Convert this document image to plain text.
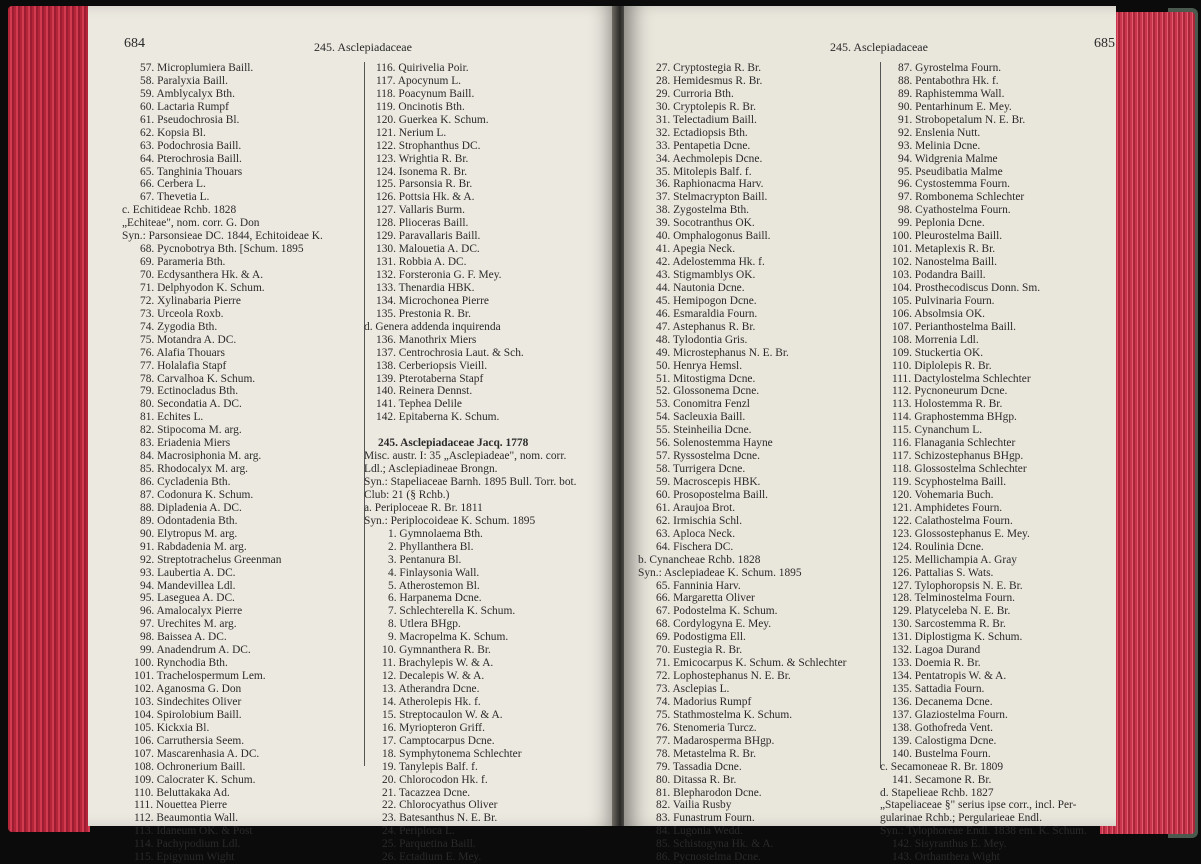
684	245. Asclepiadaceae
57. Microplumiera Baill.
58. Paralyxia Baill.
59. Amblycalyx Bth.
60. Lactaria Rumpf
61. Pseudochrosia Bl.
62. Kopsia Bl.
63. Podochrosia Baill.
64. Pterochrosia Baill.
65. Tanghinia Thouars
66. Cerbera L.
67. Thevetia L.
c. Echitideae Rchb. 1828
„Echiteae", nom. corr. G. Don
Syn.: Parsonsieae DC. 1844, Echitoideae K.
68. Pycnobotrya Bth. [Schum. 1895
69. Parameria Bth.
70. Ecdysanthera Hk. & A.
71. Delphyodon K. Schum.
72. Xylinabaria Pierre
73. Urceola Roxb.
74. Zygodia Bth.
75. Motandra A. DC.
76. Alafia Thouars
77. Holalafia Stapf
78. Carvalhoa K. Schum.
79. Ectinocladus Bth.
80. Secondatia A. DC.
81. Echites L.
82. Stipocoma M. arg.
83. Eriadenia Miers
84. Macrosiphonia M. arg.
85. Rhodocalyx M. arg.
86. Cycladenia Bth.
87. Codonura K. Schum.
88. Dipladenia A. DC.
89. Odontadenia Bth.
90. Elytropus M. arg.
91. Rabdadenia M. arg.
92. Streptotrachelus Greenman
93. Laubertia A. DC.
94. Mandevillea Ldl.
95. Laseguea A. DC.
96. Amalocalyx Pierre
97. Urechites M. arg.
98. Baissea A. DC.
99. Anadendrum A. DC.
100. Rynchodia Bth.
101. Trachelospermum Lem.
102. Aganosma G. Don
103. Sindechites Oliver
104. Spirolobium Baill.
105. Kickxia Bl.
106. Carruthersia Seem.
107. Mascarenhasia A. DC.
108. Ochronerium Baill.
109. Calocrater K. Schum.
110. Beluttakaka Ad.
111. Nouettea Pierre
112. Beaumontia Wall.
113. Idaneum OK. & Post
114. Pachypodium Ldl.
115. Epigynum Wight
116. Quirivelia Poir.
117. Apocynum L.
118. Poacynum Baill.
119. Oncinotis Bth.
120. Guerkea K. Schum.
121. Nerium L.
122. Strophanthus DC.
123. Wrightia R. Br.
124. Isonema R. Br.
125. Parsonsia R. Br.
126. Pottsia Hk. & A.
127. Vallaris Burm.
128. Plioceras Baill.
129. Paravallaris Baill.
130. Malouetia A. DC.
131. Robbia A. DC.
132. Forsteronia G. F. Mey.
133. Thenardia HBK.
134. Microchonea Pierre
135. Prestonia R. Br.
d. Genera addenda inquirenda
136. Manothrix Miers
137. Centrochrosia Laut. & Sch.
138. Cerberiopsis Vieill.
139. Pterotaberna Stapf
140. Reinera Dennst.
141. Tephea Delile
142. Epitaberna K. Schum.
245. Asclepiadaceae Jacq. 1778
Misc. austr. I: 35 „Asclepiadeae", nom. corr.
Ldl.; Asclepiadineae Brongn.
Syn.: Stapeliaceae Barnh. 1895 Bull. Torr. bot.
Club: 21 (§ Rchb.)
a. Periploceae R. Br. 1811
Syn.: Periplocoideae K. Schum. 1895
1. Gymnolaema Bth.
2. Phyllanthera Bl.
3. Pentanura Bl.
4. Finlaysonia Wall.
5. Atherostemon Bl.
6. Harpanema Dcne.
7. Schlechterella K. Schum.
8. Utlera BHgp.
9. Macropelma K. Schum.
10. Gymnanthera R. Br.
11. Brachylepis W. & A.
12. Decalepis W. & A.
13. Atherandra Dcne.
14. Atherolepis Hk. f.
15. Streptocaulon W. & A.
16. Myriopteron Griff.
17. Camptocarpus Dcne.
18. Symphytonema Schlechter
19. Tanylepis Balf. f.
20. Chlorocodon Hk. f.
21. Tacazzea Dcne.
22. Chlorocyathus Oliver
23. Batesanthus N. E. Br.
24. Periploca L.
25. Parquetina Baill.
26. Ectadium E. Mey.
245. Asclepiadaceae	685
27. Cryptostegia R. Br.
28. Hemidesmus R. Br.
29. Curroria Bth.
30. Cryptolepis R. Br.
31. Telectadium Baill.
32. Ectadiopsis Bth.
33. Pentapetia Dcne.
34. Aechmolepis Dcne.
35. Mitolepis Balf. f.
36. Raphionacma Harv.
37. Stelmacrypton Baill.
38. Zygostelma Bth.
39. Socotranthus OK.
40. Omphalogonus Baill.
41. Apegia Neck.
42. Adelostemma Hk. f.
43. Stigmamblys OK.
44. Nautonia Dcne.
45. Hemipogon Dcne.
46. Esmaraldia Fourn.
47. Astephanus R. Br.
48. Tylodontia Gris.
49. Microstephanus N. E. Br.
50. Henrya Hemsl.
51. Mitostigma Dcne.
52. Glossonema Dcne.
53. Conomitra Fenzl
54. Sacleuxia Baill.
55. Steinheilia Dcne.
56. Solenostemma Hayne
57. Ryssostelma Dcne.
58. Turrigera Dcne.
59. Macroscepis HBK.
60. Prosopostelma Baill.
61. Araujoa Brot.
62. Irmischia Schl.
63. Aploca Neck.
64. Fischera DC.
b. Cynancheae Rchb. 1828
Syn.: Asclepiadeae K. Schum. 1895
65. Fanninia Harv.
66. Margaretta Oliver
67. Podostelma K. Schum.
68. Cordylogyna E. Mey.
69. Podostigma Ell.
70. Eustegia R. Br.
71. Emicocarpus K. Schum. & Schlechter
72. Lophostephanus N. E. Br.
73. Asclepias L.
74. Madorius Rumpf
75. Stathmostelma K. Schum.
76. Stenomeria Turcz.
77. Madarosperma BHgp.
78. Metastelma R. Br.
79. Tassadia Dcne.
80. Ditassa R. Br.
81. Blepharodon Dcne.
82. Vailia Rusby
83. Funastrum Fourn.
84. Lugonia Wedd.
85. Schistogyna Hk. & A.
86. Pycnostelma Dcne.
87. Gyrostelma Fourn.
88. Pentabothra Hk. f.
89. Raphistemma Wall.
90. Pentarhinum E. Mey.
91. Strobopetalum N. E. Br.
92. Enslenia Nutt.
93. Melinia Dcne.
94. Widgrenia Malme
95. Pseudibatia Malme
96. Cystostemma Fourn.
97. Rombonema Schlechter
98. Cyathostelma Fourn.
99. Peplonia Dcne.
100. Pleurostelma Baill.
101. Metaplexis R. Br.
102. Nanostelma Baill.
103. Podandra Baill.
104. Prosthecodiscus Donn. Sm.
105. Pulvinaria Fourn.
106. Absolmsia OK.
107. Perianthostelma Baill.
108. Morrenia Ldl.
109. Stuckertia OK.
110. Diplolepis R. Br.
111. Dactylostelma Schlechter
112. Pycnoneurum Dcne.
113. Holostemma R. Br.
114. Graphostemma BHgp.
115. Cynanchum L.
116. Flanagania Schlechter
117. Schizostephanus BHgp.
118. Glossostelma Schlechter
119. Scyphostelma Baill.
120. Vohemaria Buch.
121. Amphidetes Fourn.
122. Calathostelma Fourn.
123. Glossostephanus E. Mey.
124. Roulinia Dcne.
125. Mellichampia A. Gray
126. Pattalias S. Wats.
127. Tylophoropsis N. E. Br.
128. Telminostelma Fourn.
129. Platyceleba N. E. Br.
130. Sarcostemma R. Br.
131. Diplostigma K. Schum.
132. Lagoa Durand
133. Doemia R. Br.
134. Pentatropis W. & A.
135. Sattadia Fourn.
136. Decanema Dcne.
137. Glaziostelma Fourn.
138. Gothofreda Vent.
139. Calostigma Dcne.
140. Bustelma Fourn.
c. Secamoneae R. Br. 1809
141. Secamone R. Br.
d. Stapelieae Rchb. 1827
„Stapeliaceae §" serius ipse corr., incl. Per-
gularinae Rchb.; Pergularieae Endl.
Syn.: Tylophoreae Endl. 1838 em. K. Schum.
142. Sisyranthus E. Mey.
143. Orthanthera Wight
